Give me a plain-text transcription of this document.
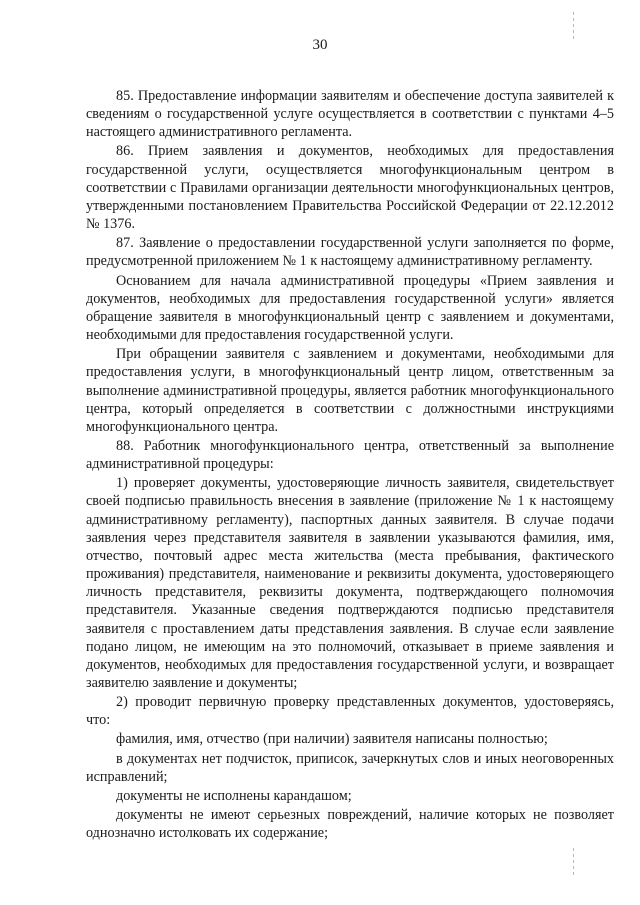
30

85. Предоставление информации заявителям и обеспечение доступа заявителей к сведениям о государственной услуге осуществляется в соответствии с пунктами 4–5 настоящего административного регламента.

86. Прием заявления и документов, необходимых для предоставления государственной услуги, осуществляется многофункциональным центром в соответствии с Правилами организации деятельности многофункциональных центров, утвержденными постановлением Правительства Российской Федерации от 22.12.2012 № 1376.

87. Заявление о предоставлении государственной услуги заполняется по форме, предусмотренной приложением № 1 к настоящему административному регламенту.

Основанием для начала административной процедуры «Прием заявления и документов, необходимых для предоставления государственной услуги» является обращение заявителя в многофункциональный центр с заявлением и документами, необходимыми для предоставления государственной услуги.

При обращении заявителя с заявлением и документами, необходимыми для предоставления услуги, в многофункциональный центр лицом, ответственным за выполнение административной процедуры, является работник многофункционального центра, который определяется в соответствии с должностными инструкциями многофункционального центра.

88. Работник многофункционального центра, ответственный за выполнение административной процедуры:

1) проверяет документы, удостоверяющие личность заявителя, свидетельствует своей подписью правильность внесения в заявление (приложение № 1 к настоящему административному регламенту), паспортных данных заявителя. В случае подачи заявления через представителя заявителя в заявлении указываются фамилия, имя, отчество, почтовый адрес места жительства (места пребывания, фактического проживания) представителя, наименование и реквизиты документа, удостоверяющего личность представителя, реквизиты документа, подтверждающего полномочия представителя. Указанные сведения подтверждаются подписью представителя заявителя с проставлением даты представления заявления. В случае если заявление подано лицом, не имеющим на это полномочий, отказывает в приеме заявления и документов, необходимых для предоставления государственной услуги, и возвращает заявителю заявление и документы;

2) проводит первичную проверку представленных документов, удостоверяясь, что:

фамилия, имя, отчество (при наличии) заявителя написаны полностью;

в документах нет подчисток, приписок, зачеркнутых слов и иных неоговоренных исправлений;

документы не исполнены карандашом;

документы не имеют серьезных повреждений, наличие которых не позволяет однозначно истолковать их содержание;
